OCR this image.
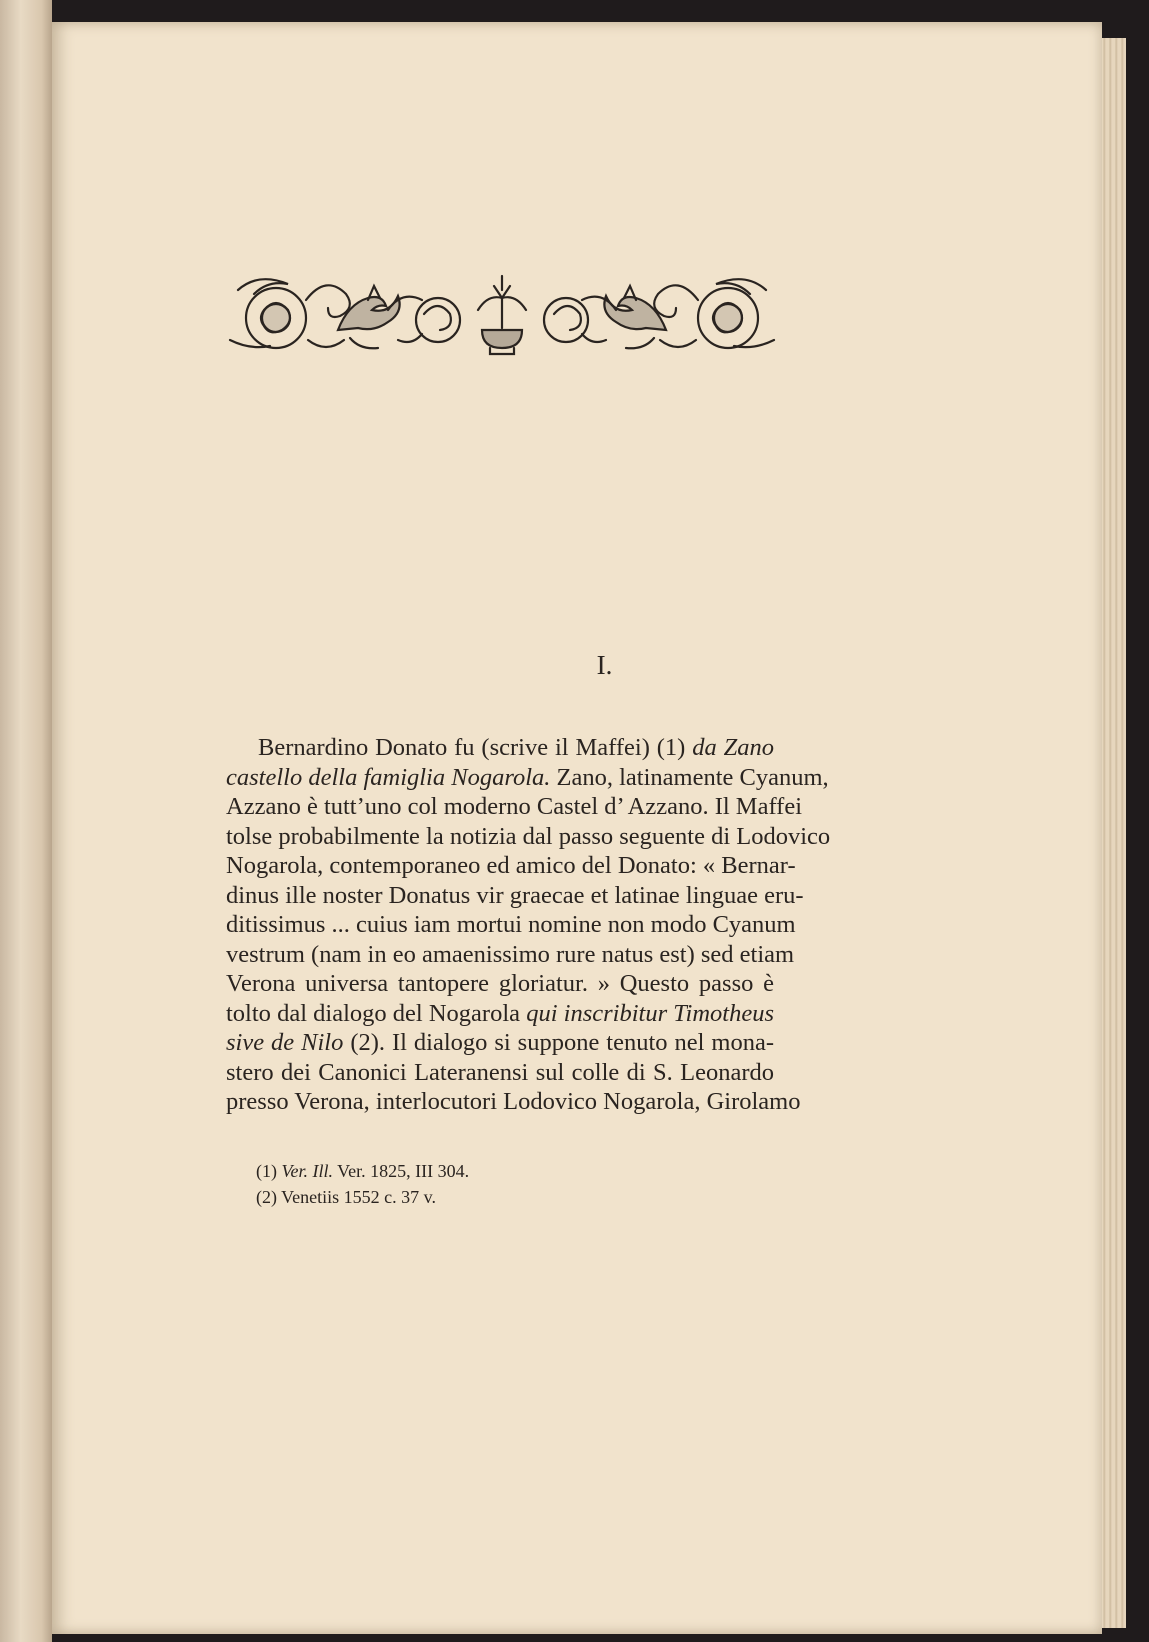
I.
Bernardino Donato fu (scrive il Maffei) (1) da Zano
castello della famiglia Nogarola. Zano, latinamente Cyanum,
Azzano è tutt’uno col moderno Castel d’ Azzano. Il Maffei
tolse probabilmente la notizia dal passo seguente di Lodovico
Nogarola, contemporaneo ed amico del Donato: « Bernar-
dinus ille noster Donatus vir graecae et latinae linguae eru-
ditissimus ... cuius iam mortui nomine non modo Cyanum
vestrum (nam in eo amaenissimo rure natus est) sed etiam
Verona universa tantopere gloriatur. » Questo passo è
tolto dal dialogo del Nogarola qui inscribitur Timotheus
sive de Nilo (2). Il dialogo si suppone tenuto nel mona-
stero dei Canonici Lateranensi sul colle di S. Leonardo
presso Verona, interlocutori Lodovico Nogarola, Girolamo
(1) Ver. Ill. Ver. 1825, III 304.
(2) Venetiis 1552 c. 37 v.
